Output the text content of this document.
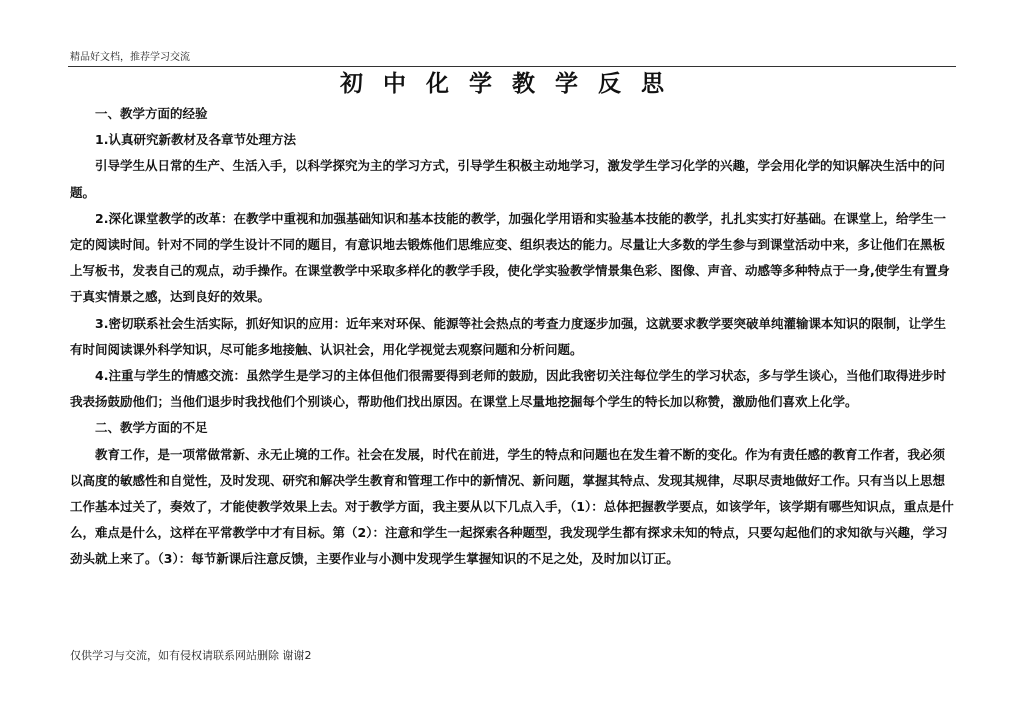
精品好文档，推荐学习交流
初中化学教学反思

一、教学方面的经验

1.认真研究新教材及各章节处理方法

引导学生从日常的生产、生活入手，以科学探究为主的学习方式，引导学生积极主动地学习，激发学生学习化学的兴趣，学会用化学的知识解决生活中的问题。

2.深化课堂教学的改革：在教学中重视和加强基础知识和基本技能的教学，加强化学用语和实验基本技能的教学，扎扎实实打好基础。在课堂上，给学生一定的阅读时间。针对不同的学生设计不同的题目，有意识地去锻炼他们思维应变、组织表达的能力。尽量让大多数的学生参与到课堂活动中来，多让他们在黑板上写板书，发表自己的观点，动手操作。在课堂教学中采取多样化的教学手段，使化学实验教学情景集色彩、图像、声音、动感等多种特点于一身,使学生有置身于真实情景之感，达到良好的效果。

3.密切联系社会生活实际，抓好知识的应用：近年来对环保、能源等社会热点的考查力度逐步加强，这就要求教学要突破单纯灌输课本知识的限制，让学生有时间阅读课外科学知识，尽可能多地接触、认识社会，用化学视觉去观察问题和分析问题。

4.注重与学生的情感交流：虽然学生是学习的主体但他们很需要得到老师的鼓励，因此我密切关注每位学生的学习状态，多与学生谈心，当他们取得进步时我表扬鼓励他们；当他们退步时我找他们个别谈心，帮助他们找出原因。在课堂上尽量地挖掘每个学生的特长加以称赞，激励他们喜欢上化学。

二、教学方面的不足

教育工作，是一项常做常新、永无止境的工作。社会在发展，时代在前进，学生的特点和问题也在发生着不断的变化。作为有责任感的教育工作者，我必须以高度的敏感性和自觉性，及时发现、研究和解决学生教育和管理工作中的新情况、新问题，掌握其特点、发现其规律，尽职尽责地做好工作。只有当以上思想工作基本过关了，奏效了，才能使教学效果上去。对于教学方面，我主要从以下几点入手，（1）：总体把握教学要点，如该学年，该学期有哪些知识点，重点是什么，难点是什么，这样在平常教学中才有目标。第（2）：注意和学生一起探索各种题型，我发现学生都有探求未知的特点，只要勾起他们的求知欲与兴趣，学习劲头就上来了。（3）：每节新课后注意反馈，主要作业与小测中发现学生掌握知识的不足之处，及时加以订正。

仅供学习与交流，如有侵权请联系网站删除 谢谢2
